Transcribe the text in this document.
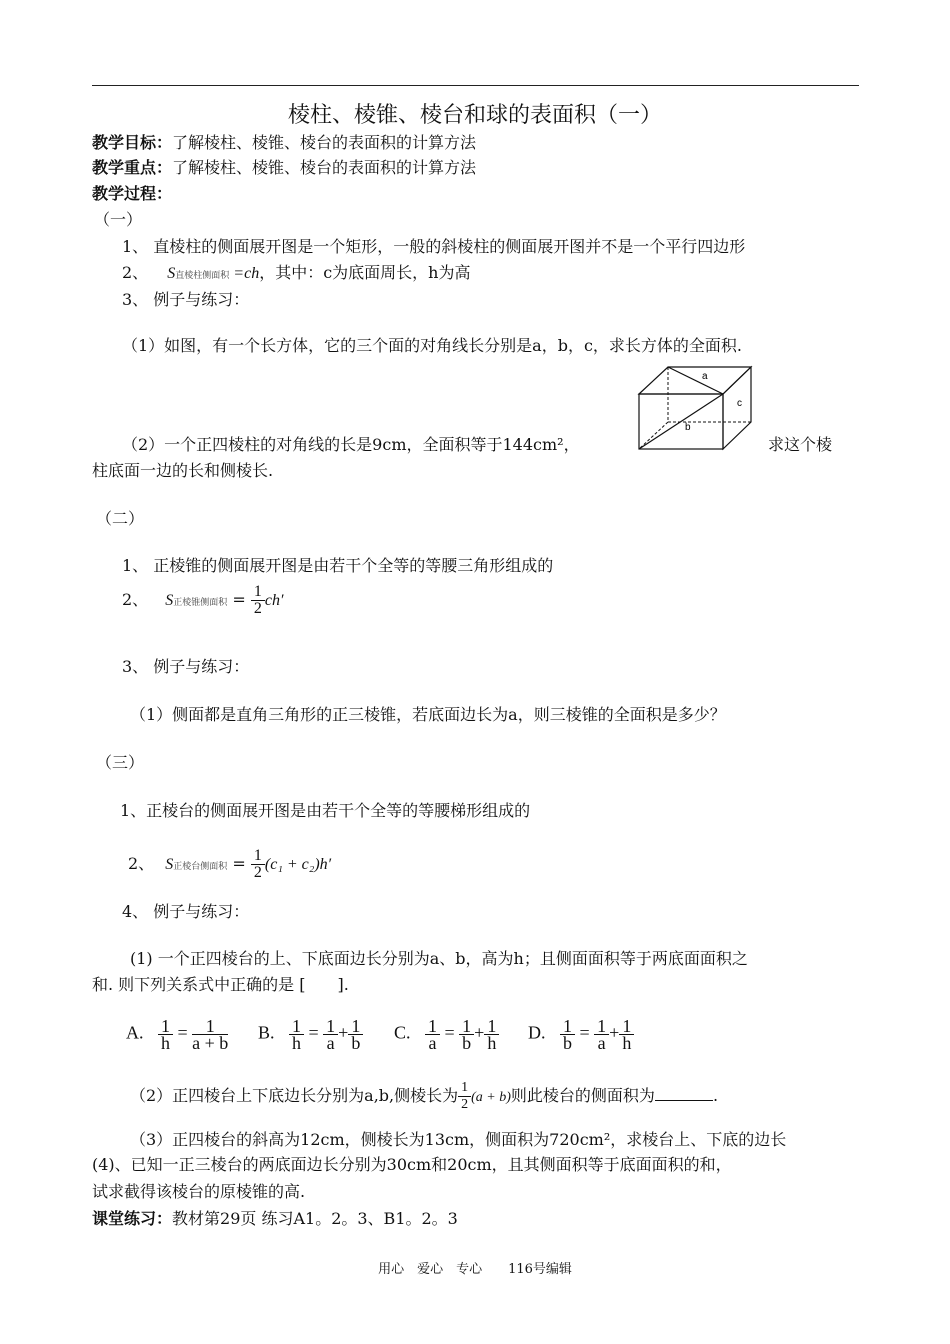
棱柱、棱锥、棱台和球的表面积（一）
教学目标：了解棱柱、棱锥、棱台的表面积的计算方法
教学重点：了解棱柱、棱锥、棱台的表面积的计算方法
教学过程：
（一）
1、 直棱柱的侧面展开图是一个矩形，一般的斜棱柱的侧面展开图并不是一个平行四边形
2、 S直棱柱侧面积 =ch，其中：c为底面周长，h为高
3、 例子与练习：
（1）如图，有一个长方体，它的三个面的对角线长分别是a，b，c，求长方体的全面积.
a
b
c
（2）一个正四棱柱的对角线的长是9cm，全面积等于144cm²，	求这个棱
柱底面一边的长和侧棱长.
（二）
1、 正棱锥的侧面展开图是由若干个全等的等腰三角形组成的
2、 S正棱锥侧面积 = $\frac{1}{2} ch'$
3、 例子与练习：
（1）侧面都是直角三角形的正三棱锥，若底面边长为a，则三棱锥的全面积是多少？
（三）
1、正棱台的侧面展开图是由若干个全等的等腰梯形组成的
2、 S正棱台侧面积 = $\frac{1}{2} (c_1 + c_2)h'$
4、 例子与练习：
(1) 一个正四棱台的上、下底面边长分别为a、b，高为h；且侧面面积等于两底面面积之
和. 则下列关系式中正确的是 [　　].
A. $\frac{1}{h} = \frac{1}{a + b} B$. $\frac{1}{h} = \frac{1}{a} + \frac{1}{b} C$. $\frac{1}{a} = \frac{1}{b} + \frac{1}{h} D$. $\frac{1}{b} = \frac{1}{a} + \frac{1}{h}$
（2）正四棱台上下底边长分别为a,b,侧棱长为 $\frac{1}{2} (a + b)$则此棱台的侧面积为	.
（3）正四棱台的斜高为12cm，侧棱长为13cm，侧面积为720cm²，求棱台上、下底的边长
(4)、已知一正三棱台的两底面边长分别为30cm和20cm，且其侧面积等于底面面积的和，
试求截得该棱台的原棱锥的高.
课堂练习：教材第29页 练习A1。2。3、B1。2。3
用心　爱心　专心　　116号编辑
